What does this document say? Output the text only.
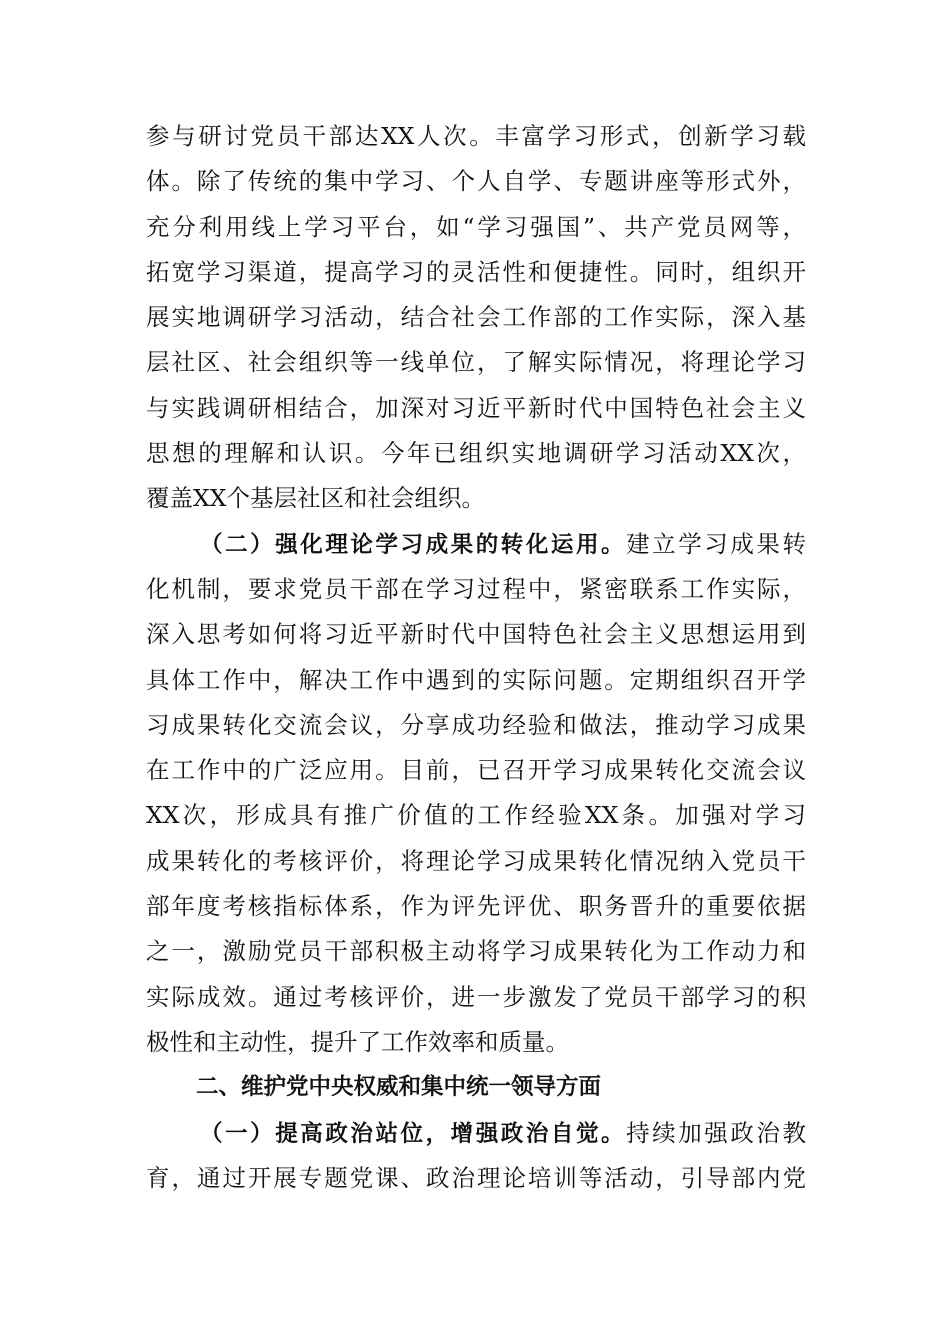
参与研讨党员干部达XX人次。丰富学习形式，创新学习载
体。除了传统的集中学习、个人自学、专题讲座等形式外，
充分利用线上学习平台，如“学习强国”、共产党员网等，
拓宽学习渠道，提高学习的灵活性和便捷性。同时，组织开
展实地调研学习活动，结合社会工作部的工作实际，深入基
层社区、社会组织等一线单位，了解实际情况，将理论学习
与实践调研相结合，加深对习近平新时代中国特色社会主义
思想的理解和认识。今年已组织实地调研学习活动XX次，
覆盖XX个基层社区和社会组织。
（二）强化理论学习成果的转化运用。建立学习成果转
化机制，要求党员干部在学习过程中，紧密联系工作实际，
深入思考如何将习近平新时代中国特色社会主义思想运用到
具体工作中，解决工作中遇到的实际问题。定期组织召开学
习成果转化交流会议，分享成功经验和做法，推动学习成果
在工作中的广泛应用。目前，已召开学习成果转化交流会议
XX次，形成具有推广价值的工作经验XX条。加强对学习
成果转化的考核评价，将理论学习成果转化情况纳入党员干
部年度考核指标体系，作为评先评优、职务晋升的重要依据
之一，激励党员干部积极主动将学习成果转化为工作动力和
实际成效。通过考核评价，进一步激发了党员干部学习的积
极性和主动性，提升了工作效率和质量。
二、维护党中央权威和集中统一领导方面
（一）提高政治站位，增强政治自觉。持续加强政治教
育，通过开展专题党课、政治理论培训等活动，引导部内党
